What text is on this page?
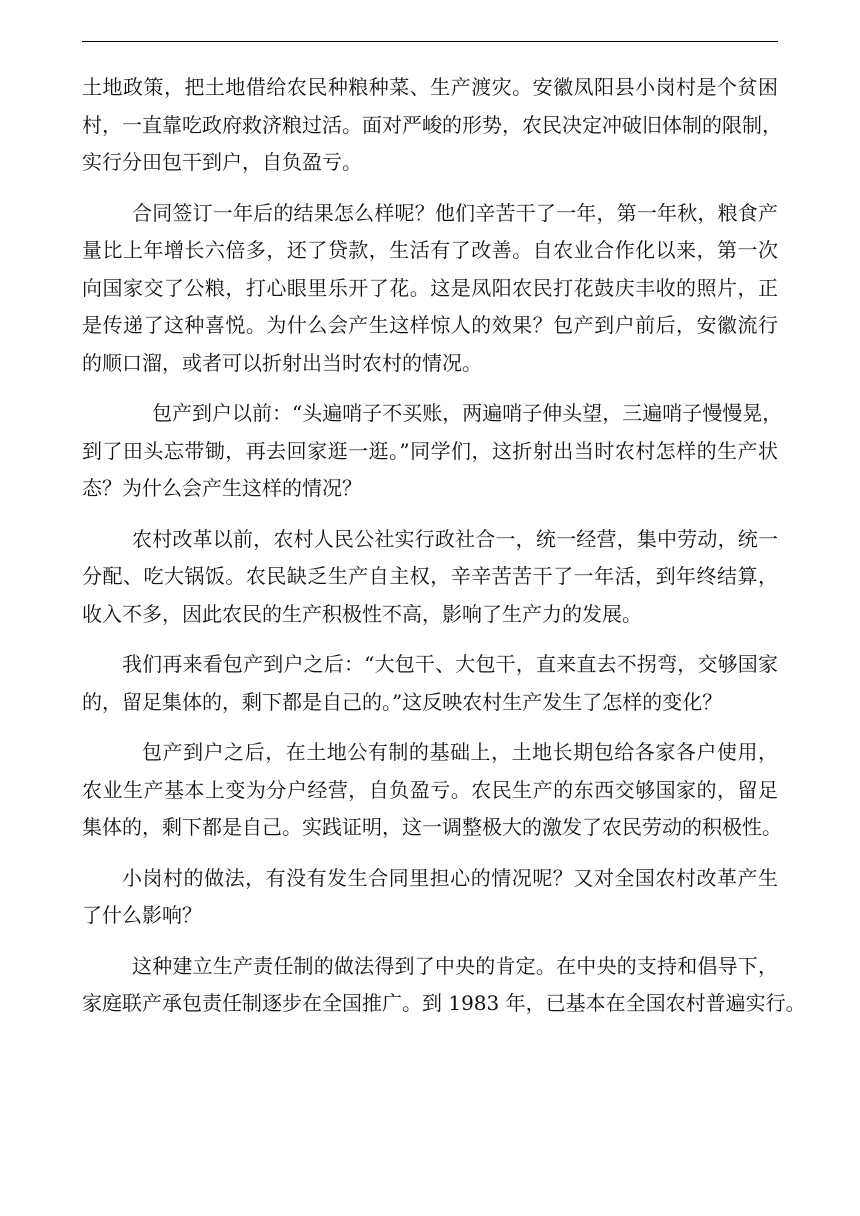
土地政策，把土地借给农民种粮种菜、生产渡灾。安徽凤阳县小岗村是个贫困
村，一直靠吃政府救济粮过活。面对严峻的形势，农民决定冲破旧体制的限制，
实行分田包干到户，自负盈亏。
合同签订一年后的结果怎么样呢？他们辛苦干了一年，第一年秋，粮食产
量比上年增长六倍多，还了贷款，生活有了改善。自农业合作化以来，第一次
向国家交了公粮，打心眼里乐开了花。这是凤阳农民打花鼓庆丰收的照片，正
是传递了这种喜悦。为什么会产生这样惊人的效果？包产到户前后，安徽流行
的顺口溜，或者可以折射出当时农村的情况。
包产到户以前：“头遍哨子不买账，两遍哨子伸头望，三遍哨子慢慢晃，
到了田头忘带锄，再去回家逛一逛。”同学们，这折射出当时农村怎样的生产状
态？为什么会产生这样的情况？
农村改革以前，农村人民公社实行政社合一，统一经营，集中劳动，统一
分配、吃大锅饭。农民缺乏生产自主权，辛辛苦苦干了一年活，到年终结算，
收入不多，因此农民的生产积极性不高，影响了生产力的发展。
我们再来看包产到户之后：“大包干、大包干，直来直去不拐弯，交够国家
的，留足集体的，剩下都是自己的。”这反映农村生产发生了怎样的变化？
包产到户之后，在土地公有制的基础上，土地长期包给各家各户使用，
农业生产基本上变为分户经营，自负盈亏。农民生产的东西交够国家的，留足
集体的，剩下都是自己。实践证明，这一调整极大的激发了农民劳动的积极性。
小岗村的做法，有没有发生合同里担心的情况呢？又对全国农村改革产生
了什么影响？
这种建立生产责任制的做法得到了中央的肯定。在中央的支持和倡导下，
家庭联产承包责任制逐步在全国推广。到 1983 年，已基本在全国农村普遍实行。
